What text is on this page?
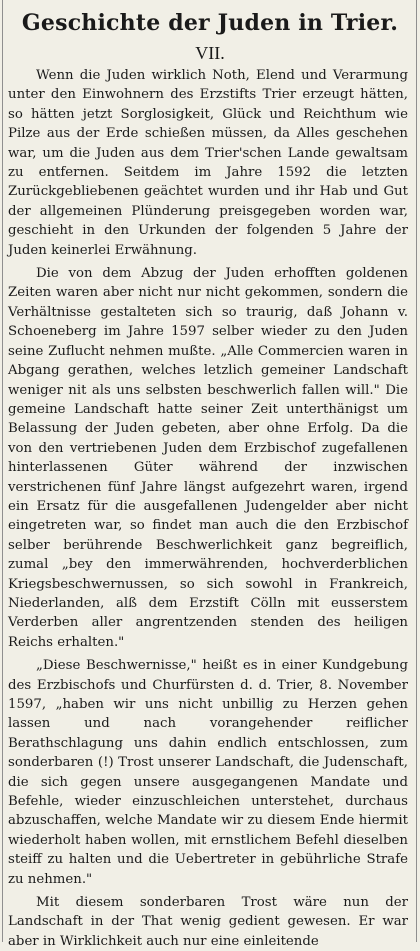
Geschichte der Juden in Trier.
VII.

Wenn die Juden wirklich Noth, Elend und Verarmung unter den Einwohnern des Erzstifts Trier erzeugt hätten, so hätten jetzt Sorglosigkeit, Glück und Reichthum wie Pilze aus der Erde schießen müssen, da Alles geschehen war, um die Juden aus dem Trier'schen Lande gewaltsam zu entfernen. Seitdem im Jahre 1592 die letzten Zurückgebliebenen geächtet wurden und ihr Hab und Gut der allgemeinen Plünderung preisgegeben worden war, geschieht in den Urkunden der folgenden 5 Jahre der Juden keinerlei Erwähnung.

Die von dem Abzug der Juden erhofften goldenen Zeiten waren aber nicht nur nicht gekommen, sondern die Verhältnisse gestalteten sich so traurig, daß Johann v. Schoeneberg im Jahre 1597 selber wieder zu den Juden seine Zuflucht nehmen mußte. „Alle Commercien waren in Abgang gerathen, welches letzlich gemeiner Landschaft weniger nit als uns selbsten beschwerlich fallen will." Die gemeine Landschaft hatte seiner Zeit unterthänigst um Belassung der Juden gebeten, aber ohne Erfolg. Da die von den vertriebenen Juden dem Erzbischof zugefallenen hinterlassenen Güter während der inzwischen verstrichenen fünf Jahre längst aufgezehrt waren, irgend ein Ersatz für die ausgefallenen Judengelder aber nicht eingetreten war, so findet man auch die den Erzbischof selber berührende Beschwerlichkeit ganz begreiflich, zumal „bey den immerwährenden, hochverderblichen Kriegsbeschwernussen, so sich sowohl in Frankreich, Niederlanden, alß dem Erzstift Cölln mit eusserstem Verderben aller angrentzenden stenden des heiligen Reichs erhalten."

„Diese Beschwernisse," heißt es in einer Kundgebung des Erzbischofs und Churfürsten d. d. Trier, 8. November 1597, „haben wir uns nicht unbillig zu Herzen gehen lassen und nach vorangehender reiflicher Berathschlagung uns dahin endlich entschlossen, zum sonderbaren (!) Trost unserer Landschaft, die Judenschaft, die sich gegen unsere ausgegangenen Mandate und Befehle, wieder einzuschleichen unterstehet, durchaus abzuschaffen, welche Mandate wir zu diesem Ende hiermit wiederholt haben wollen, mit ernstlichem Befehl dieselben steiff zu halten und die Uebertreter in gebührliche Strafe zu nehmen."

Mit diesem sonderbaren Trost wäre nun der Landschaft in der That wenig gedient gewesen. Er war aber in Wirklichkeit auch nur eine einleitende
